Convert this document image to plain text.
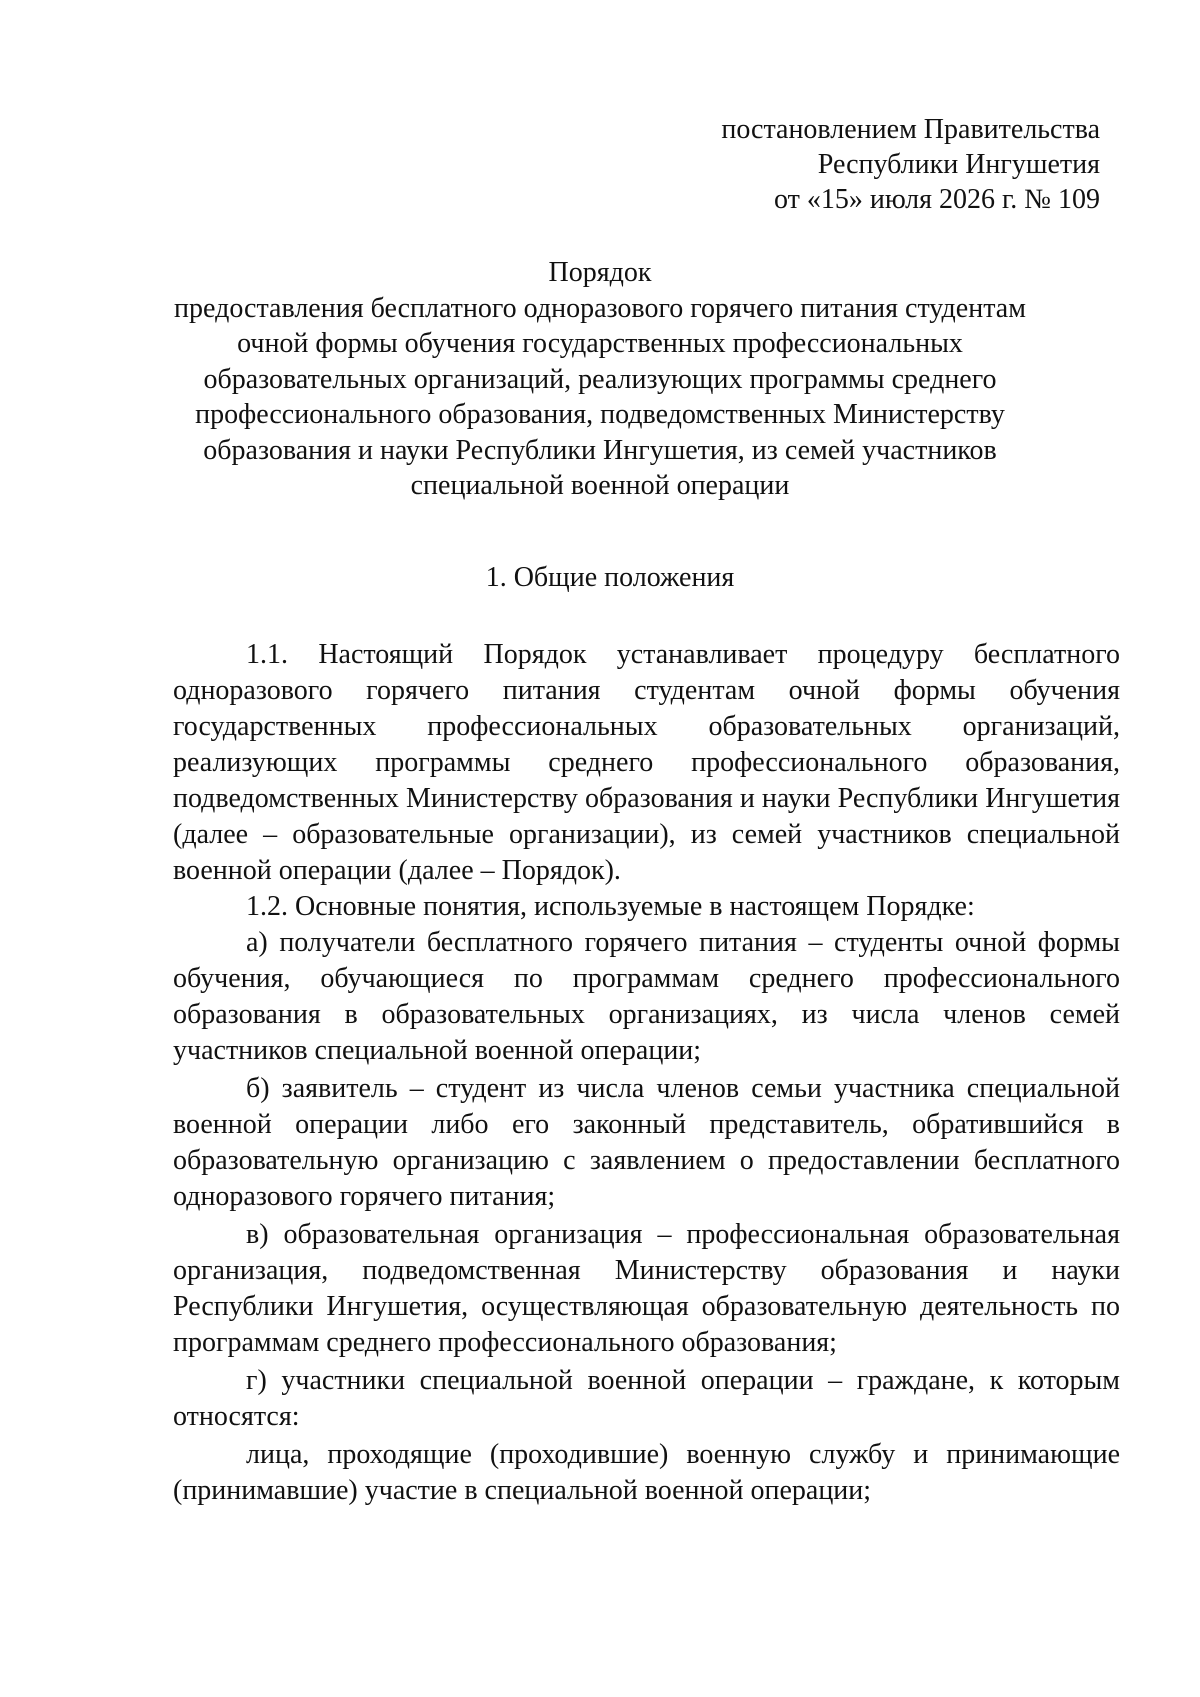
постановлением Правительства
Республики Ингушетия
от «15» июля 2026 г. № 109
Порядок
предоставления бесплатного одноразового горячего питания студентам
очной формы обучения государственных профессиональных
образовательных организаций, реализующих программы среднего
профессионального образования, подведомственных Министерству
образования и науки Республики Ингушетия, из семей участников
специальной военной операции
1. Общие положения

1.1. Настоящий Порядок устанавливает процедуру бесплатного одноразового горячего питания студентам очной формы обучения государственных профессиональных образовательных организаций, реализующих программы среднего профессионального образования, подведомственных Министерству образования и науки Республики Ингушетия (далее – образовательные организации), из семей участников специальной военной операции (далее – Порядок).

1.2. Основные понятия, используемые в настоящем Порядке:

а) получатели бесплатного горячего питания – студенты очной формы обучения, обучающиеся по программам среднего профессионального образования в образовательных организациях, из числа членов семей участников специальной военной операции;

б) заявитель – студент из числа членов семьи участника специальной военной операции либо его законный представитель, обратившийся в образовательную организацию с заявлением о предоставлении бесплатного одноразового горячего питания;

в) образовательная организация – профессиональная образовательная организация, подведомственная Министерству образования и науки Республики Ингушетия, осуществляющая образовательную деятельность по программам среднего профессионального образования;

г) участники специальной военной операции – граждане, к которым относятся:

лица, проходящие (проходившие) военную службу и принимающие (принимавшие) участие в специальной военной операции;
